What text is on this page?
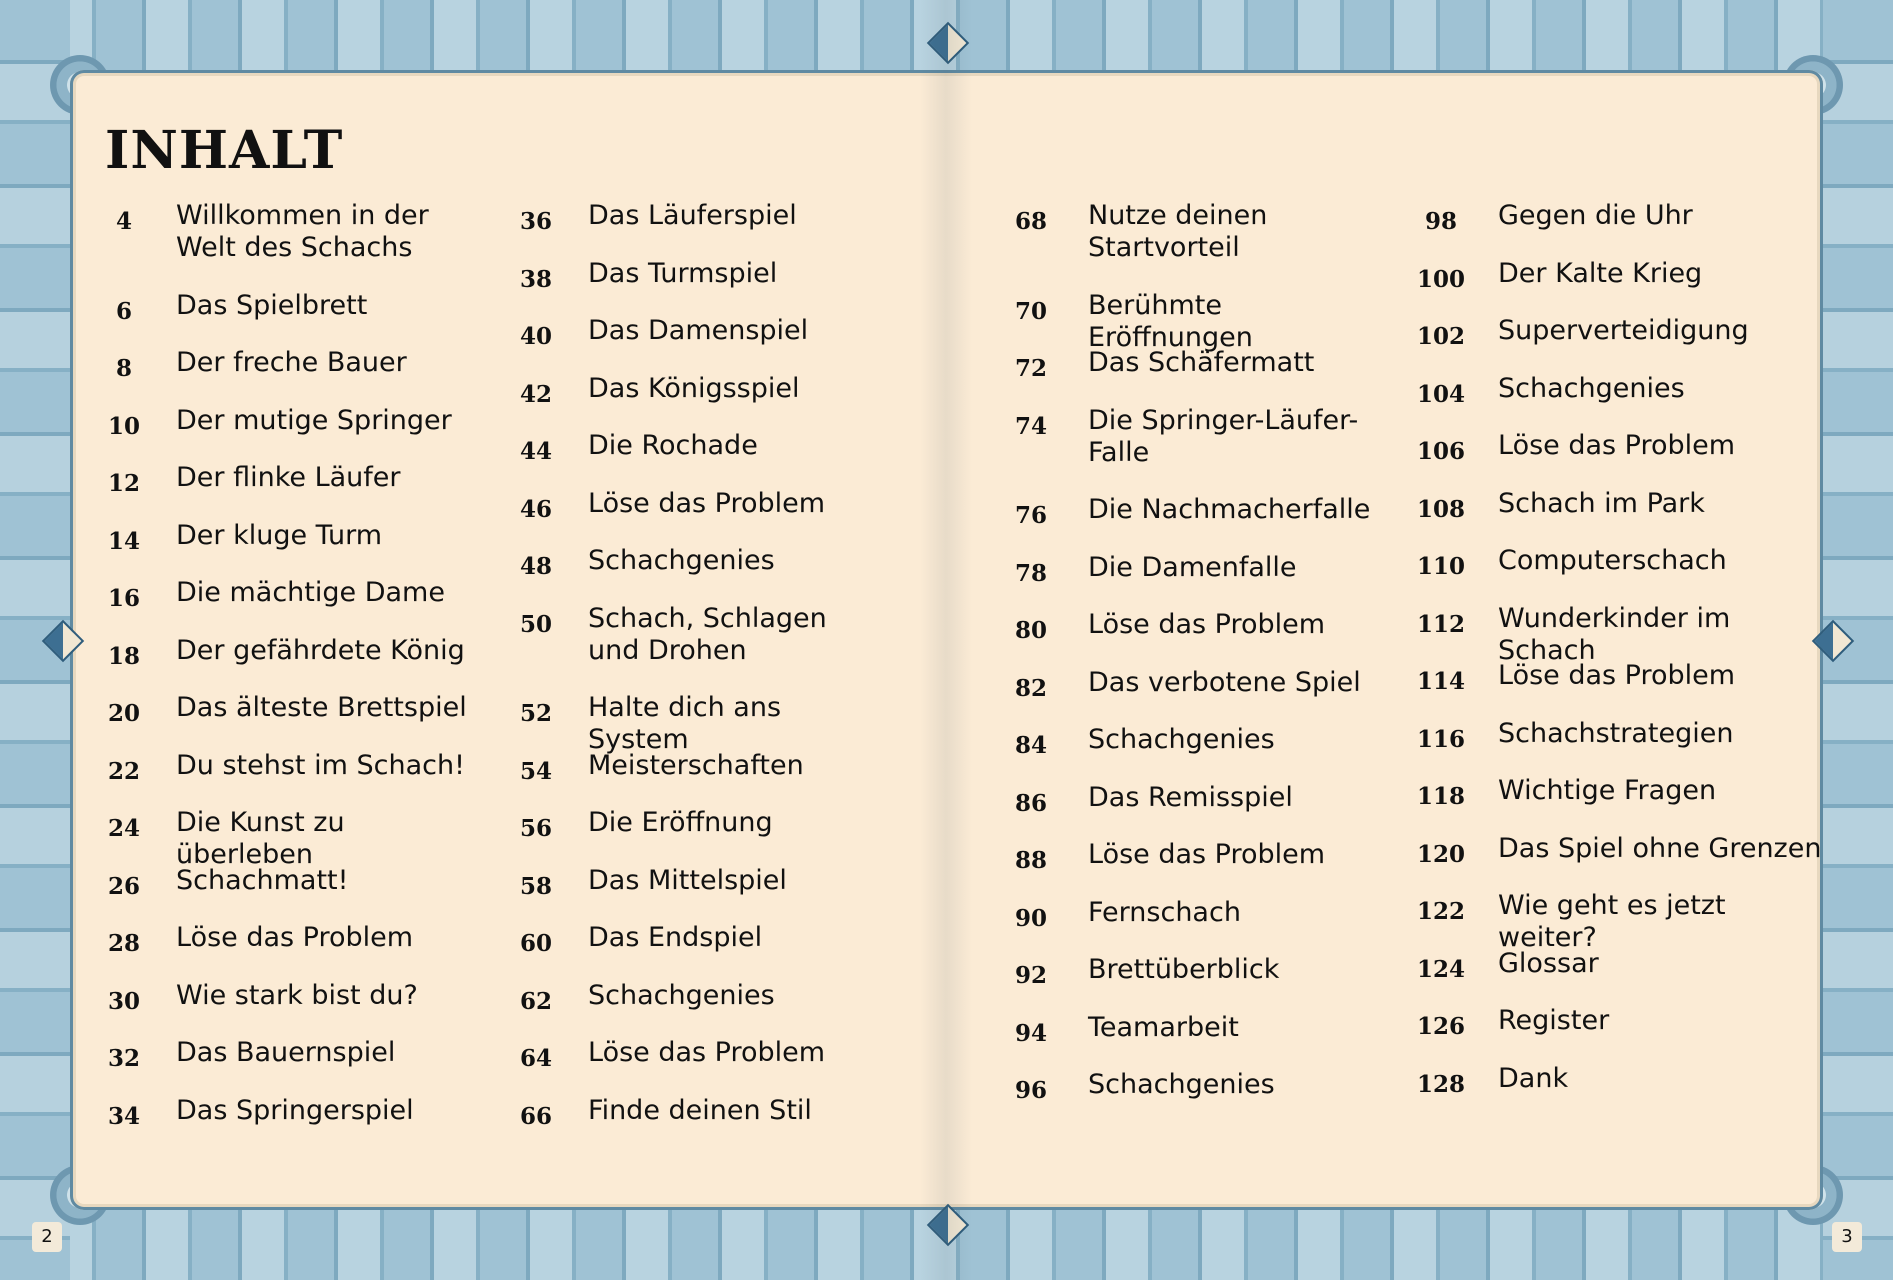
INHALT
4	Willkommen in der Welt des Schachs
6	Das Spielbrett
8	Der freche Bauer
10	Der mutige Springer
12	Der flinke Läufer
14	Der kluge Turm
16	Die mächtige Dame
18	Der gefährdete König
20	Das älteste Brettspiel
22	Du stehst im Schach!
24	Die Kunst zu überleben
26	Schachmatt!
28	Löse das Problem
30	Wie stark bist du?
32	Das Bauernspiel
34	Das Springerspiel
36	Das Läuferspiel
38	Das Turmspiel
40	Das Damenspiel
42	Das Königsspiel
44	Die Rochade
46	Löse das Problem
48	Schachgenies
50	Schach, Schlagen und Drohen
52	Halte dich ans System
54	Meisterschaften
56	Die Eröffnung
58	Das Mittelspiel
60	Das Endspiel
62	Schachgenies
64	Löse das Problem
66	Finde deinen Stil
68	Nutze deinen Startvorteil
70	Berühmte Eröffnungen
72	Das Schäfermatt
74	Die Springer-Läufer-Falle
76	Die Nachmacherfalle
78	Die Damenfalle
80	Löse das Problem
82	Das verbotene Spiel
84	Schachgenies
86	Das Remisspiel
88	Löse das Problem
90	Fernschach
92	Brettüberblick
94	Teamarbeit
96	Schachgenies
98	Gegen die Uhr
100 Der Kalte Krieg
102 Superverteidigung
104 Schachgenies
106 Löse das Problem
108 Schach im Park
110 Computerschach
112 Wunderkinder im Schach
114 Löse das Problem
116 Schachstrategien
118 Wichtige Fragen
120 Das Spiel ohne Grenzen
122 Wie geht es jetzt weiter?
124 Glossar
126 Register
128 Dank
2	3
